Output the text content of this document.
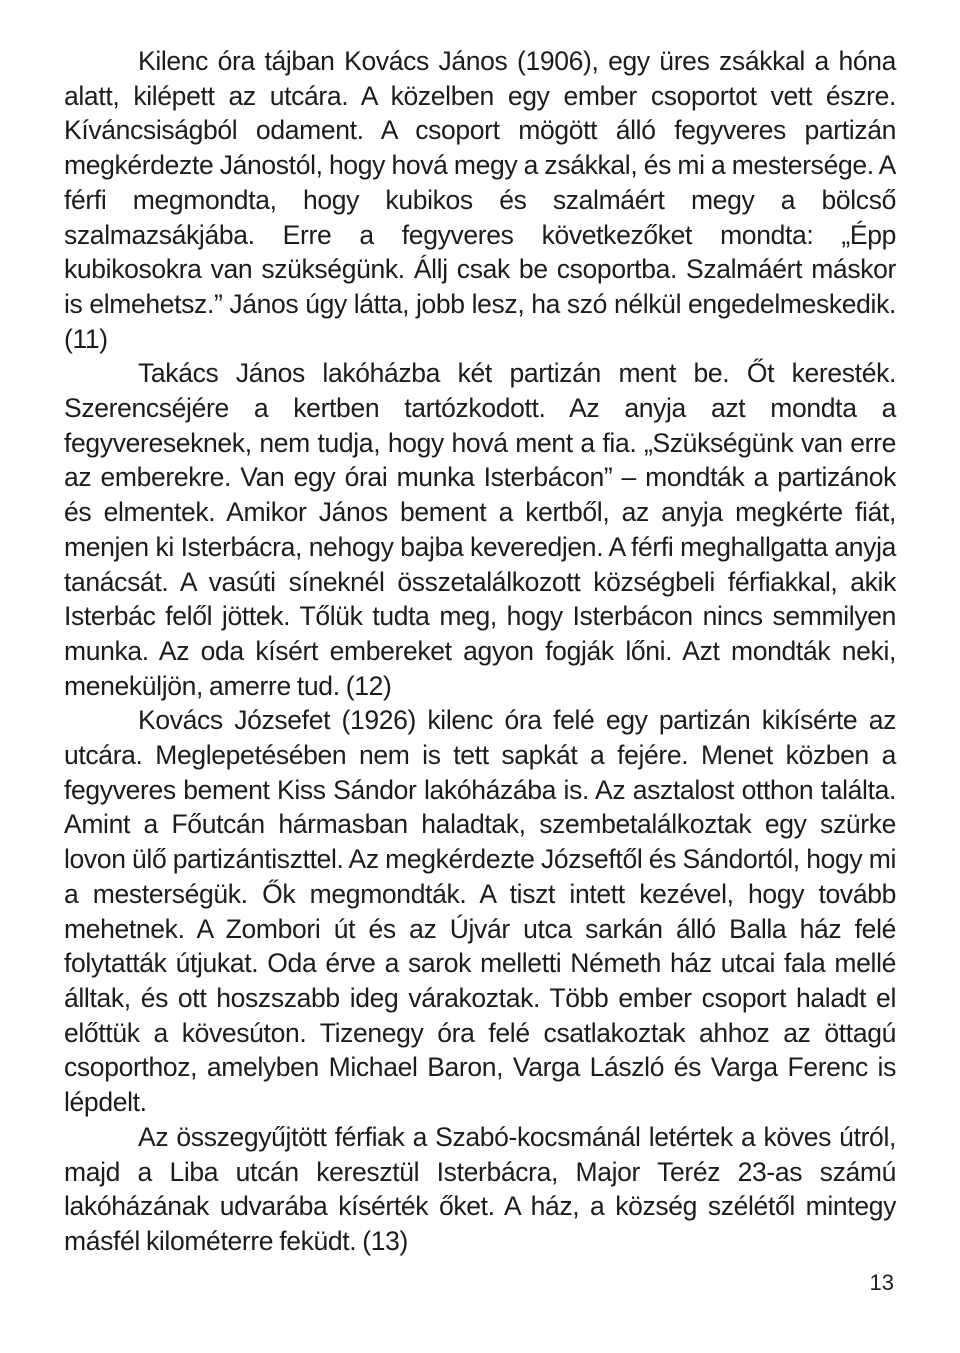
Kilenc óra tájban Kovács János (1906), egy üres zsákkal a hóna alatt, kilépett az utcára. A közelben egy ember csoportot vett észre. Kíváncsiságból odament. A csoport mögött álló fegyveres partizán megkérdezte Jánostól, hogy hová megy a zsákkal, és mi a mestersége. A férfi megmondta, hogy kubikos és szalmáért megy a bölcső szalmazsákjába. Erre a fegyveres következőket mondta: „Épp kubikosokra van szükségünk. Állj csak be csoportba. Szalmáért máskor is elmehetsz.” János úgy látta, jobb lesz, ha szó nélkül engedelmeskedik. (11)

Takács János lakóházba két partizán ment be. Őt keresték. Szerencséjére a kertben tartózkodott. Az anyja azt mondta a fegyvereseknek, nem tudja, hogy hová ment a fia. „Szükségünk van erre az emberekre. Van egy órai munka Isterbácon” – mondták a partizánok és elmentek. Amikor János bement a kertből, az anyja megkérte fiát, menjen ki Isterbácra, nehogy bajba keveredjen. A férfi meghallgatta anyja tanácsát. A vasúti síneknél összetalálkozott községbeli férfiakkal, akik Isterbác felől jöttek. Tőlük tudta meg, hogy Isterbácon nincs semmilyen munka. Az oda kísért embereket agyon fogják lőni. Azt mondták neki, meneküljön, amerre tud. (12)

Kovács Józsefet (1926) kilenc óra felé egy partizán kikísérte az utcára. Meglepetésében nem is tett sapkát a fejére. Menet közben a fegyveres bement Kiss Sándor lakóházába is. Az asztalost otthon találta. Amint a Főutcán hármasban haladtak, szembetalálkoztak egy szürke lovon ülő partizántiszttel. Az megkérdezte Józseftől és Sándortól, hogy mi a mesterségük. Ők megmondták. A tiszt intett kezével, hogy tovább mehetnek. A Zombori út és az Újvár utca sarkán álló Balla ház felé folytatták útjukat. Oda érve a sarok melletti Németh ház utcai fala mellé álltak, és ott hoszszabb ideg várakoztak. Több ember csoport haladt el előttük a kövesúton. Tizenegy óra felé csatlakoztak ahhoz az öttagú csoporthoz, amelyben Michael Baron, Varga László és Varga Ferenc is lépdelt.

Az összegyűjtött férfiak a Szabó-kocsmánál letértek a köves útról, majd a Liba utcán keresztül Isterbácra, Major Teréz 23-as számú lakóházának udvarába kísérték őket. A ház, a község szélétől mintegy másfél kilométerre feküdt. (13)

13
